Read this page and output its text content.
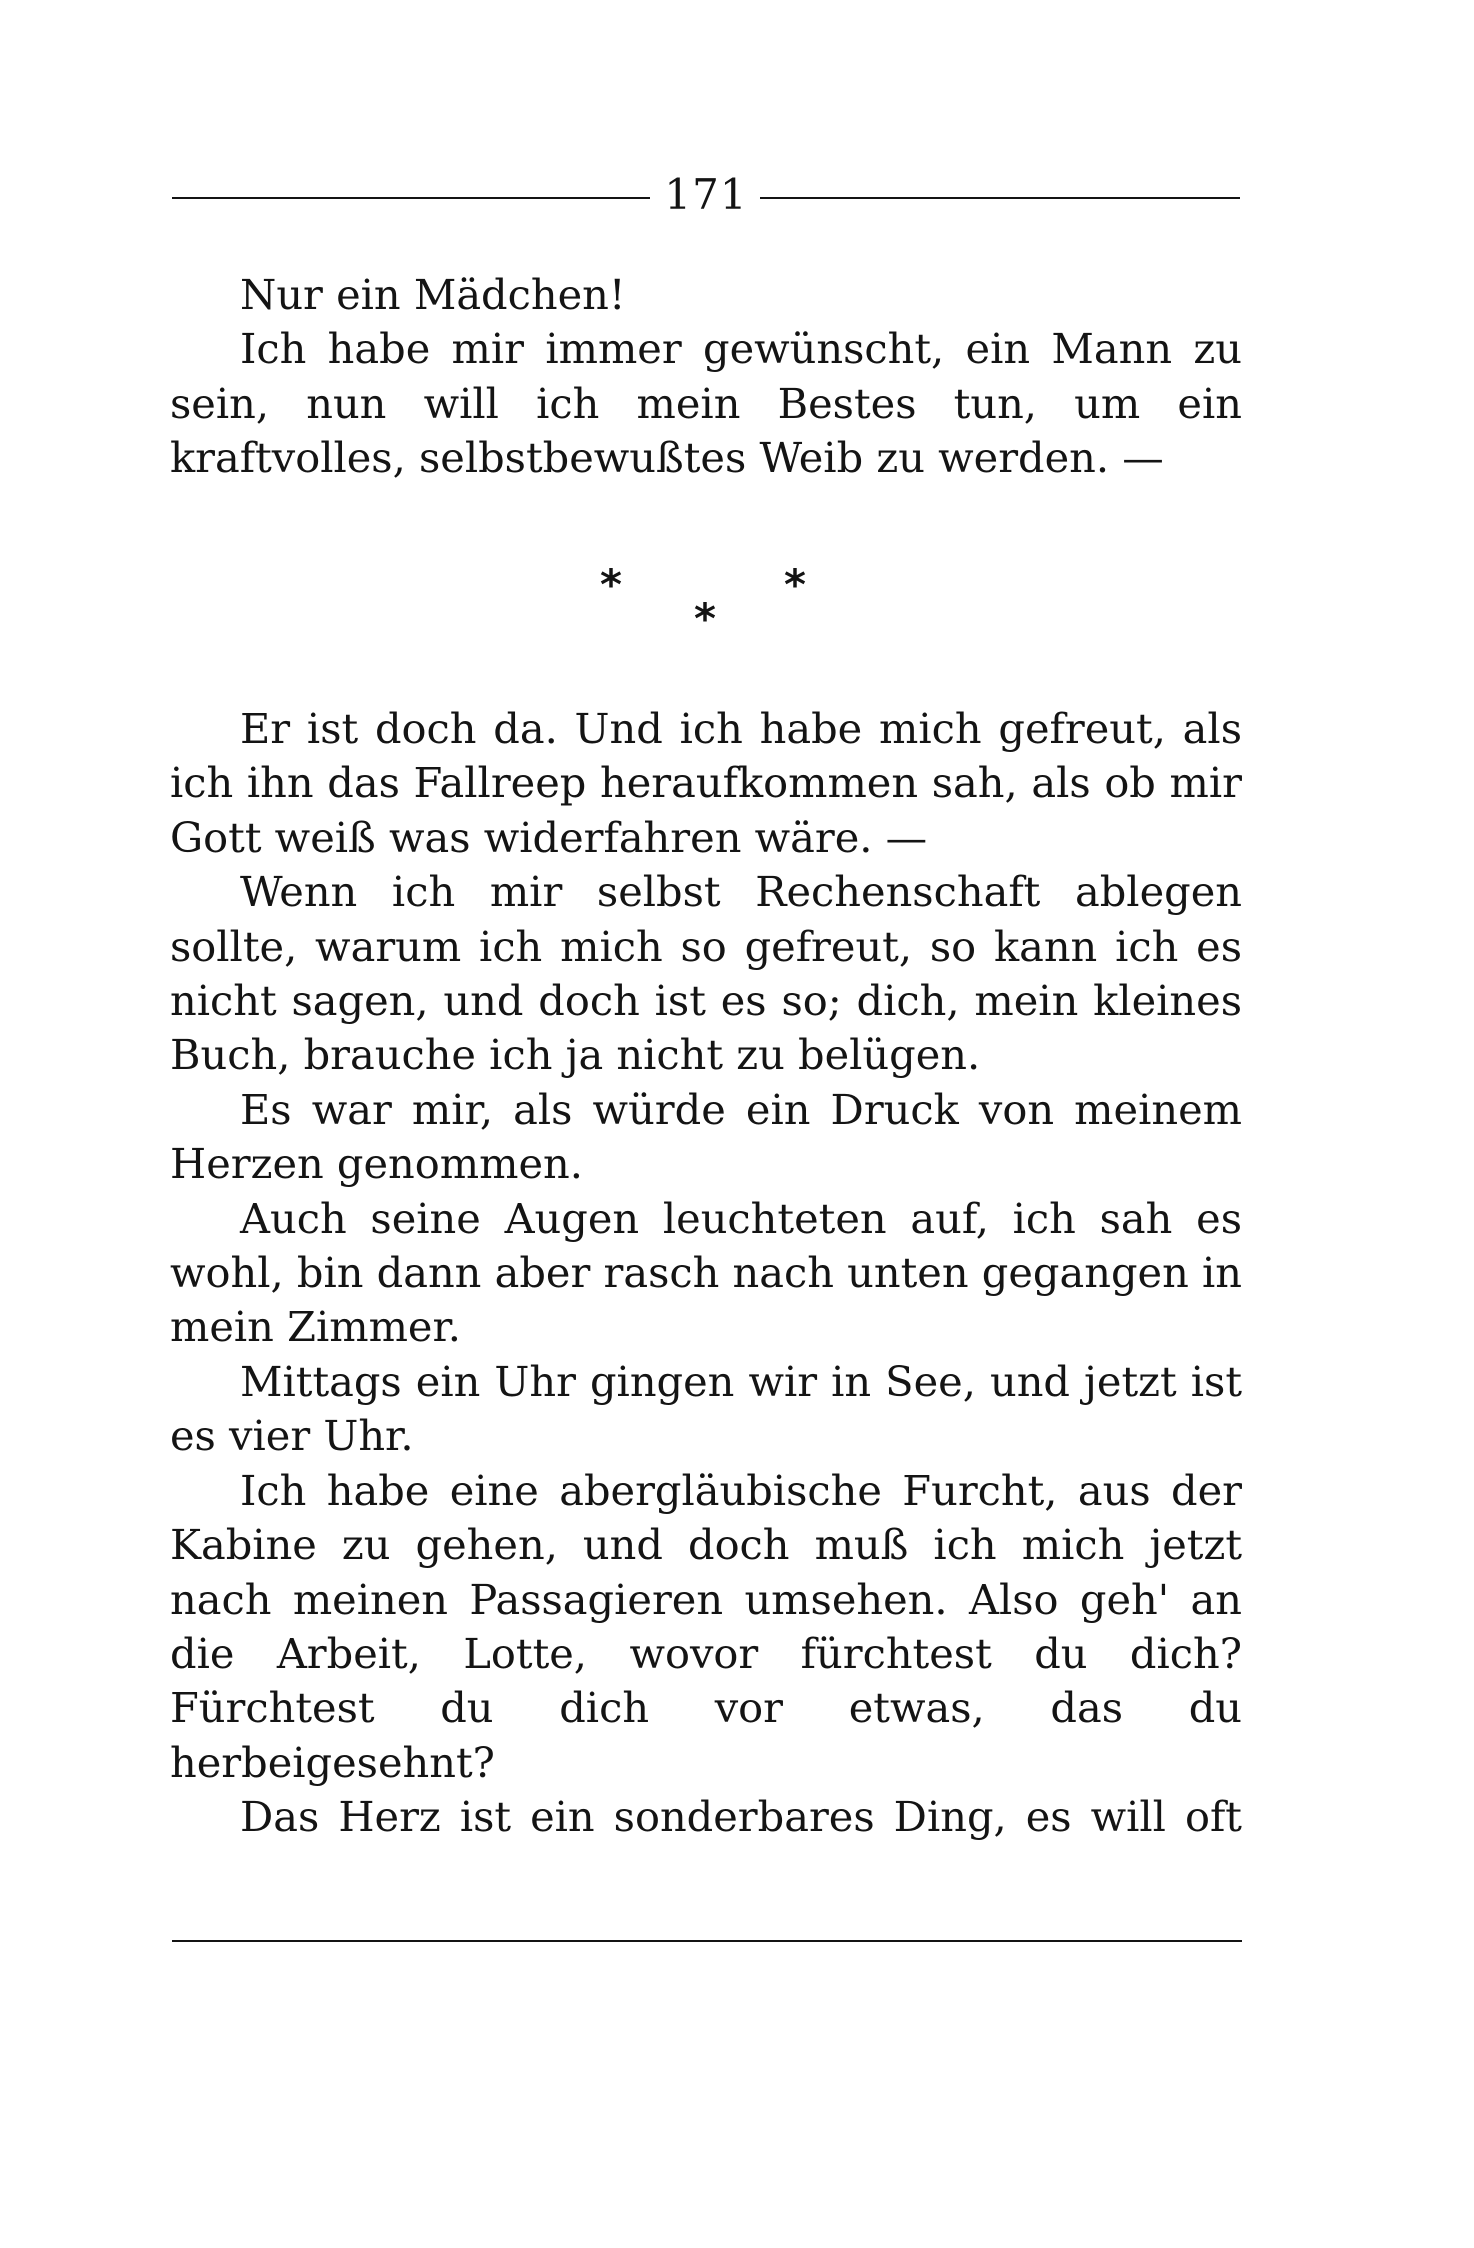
171

Nur ein Mädchen!

Ich habe mir immer gewünscht, ein Mann zu sein, nun will ich mein Bestes tun, um ein kraftvolles, selbstbewußtes Weib zu werden. —

*	*
*

Er ist doch da. Und ich habe mich gefreut, als ich ihn das Fallreep heraufkommen sah, als ob mir Gott weiß was widerfahren wäre. —

Wenn ich mir selbst Rechenschaft ablegen sollte, warum ich mich so gefreut, so kann ich es nicht sagen, und doch ist es so; dich, mein kleines Buch, brauche ich ja nicht zu belügen.

Es war mir, als würde ein Druck von meinem Herzen genommen.

Auch seine Augen leuchteten auf, ich sah es wohl, bin dann aber rasch nach unten gegangen in mein Zimmer.

Mittags ein Uhr gingen wir in See, und jetzt ist es vier Uhr.

Ich habe eine abergläubische Furcht, aus der Kabine zu gehen, und doch muß ich mich jetzt nach meinen Passagieren umsehen. Also geh' an die Arbeit, Lotte, wovor fürchtest du dich? Fürchtest du dich vor etwas, das du herbeigesehnt?

Das Herz ist ein sonderbares Ding, es will oft
